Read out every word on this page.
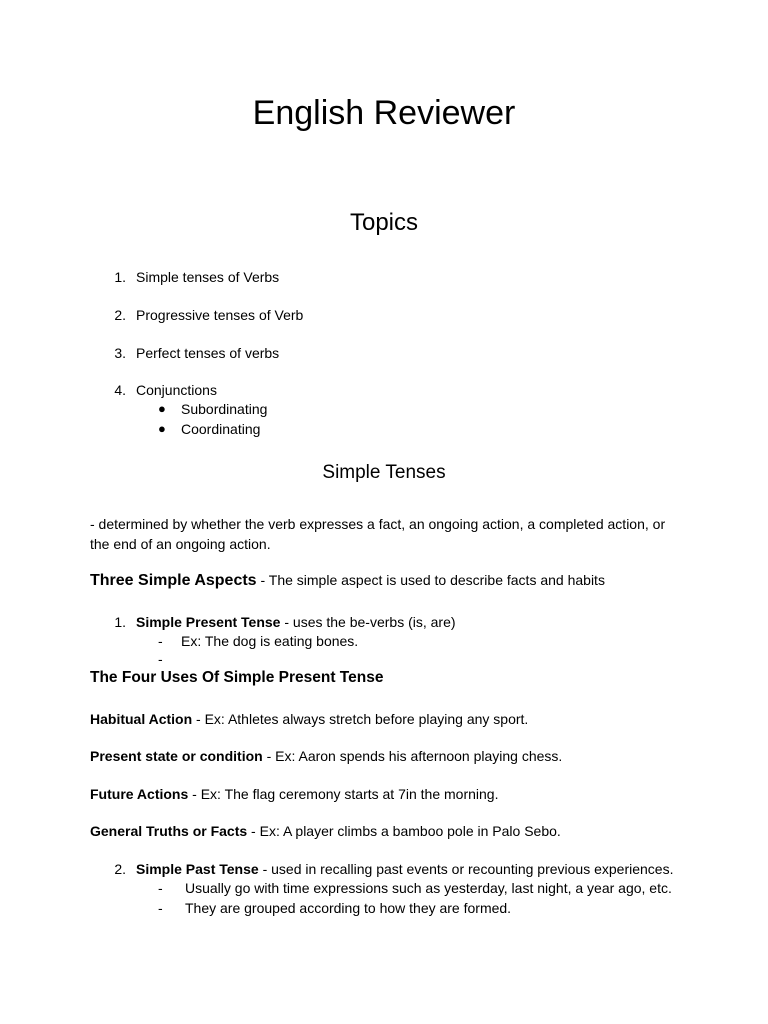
English Reviewer
Topics
1. Simple tenses of Verbs
2. Progressive tenses of Verb
3. Perfect tenses of verbs
4. Conjunctions
● Subordinating
● Coordinating
Simple Tenses
- determined by whether the verb expresses a fact, an ongoing action, a completed action, or the end of an ongoing action.
Three Simple Aspects - The simple aspect is used to describe facts and habits
1. Simple Present Tense - uses the be-verbs (is, are)
- Ex: The dog is eating bones.
-
The Four Uses Of Simple Present Tense
Habitual Action - Ex: Athletes always stretch before playing any sport.
Present state or condition - Ex: Aaron spends his afternoon playing chess.
Future Actions - Ex: The flag ceremony starts at 7in the morning.
General Truths or Facts - Ex: A player climbs a bamboo pole in Palo Sebo.
2. Simple Past Tense - used in recalling past events or recounting previous experiences.
- Usually go with time expressions such as yesterday, last night, a year ago, etc.
- They are grouped according to how they are formed.
